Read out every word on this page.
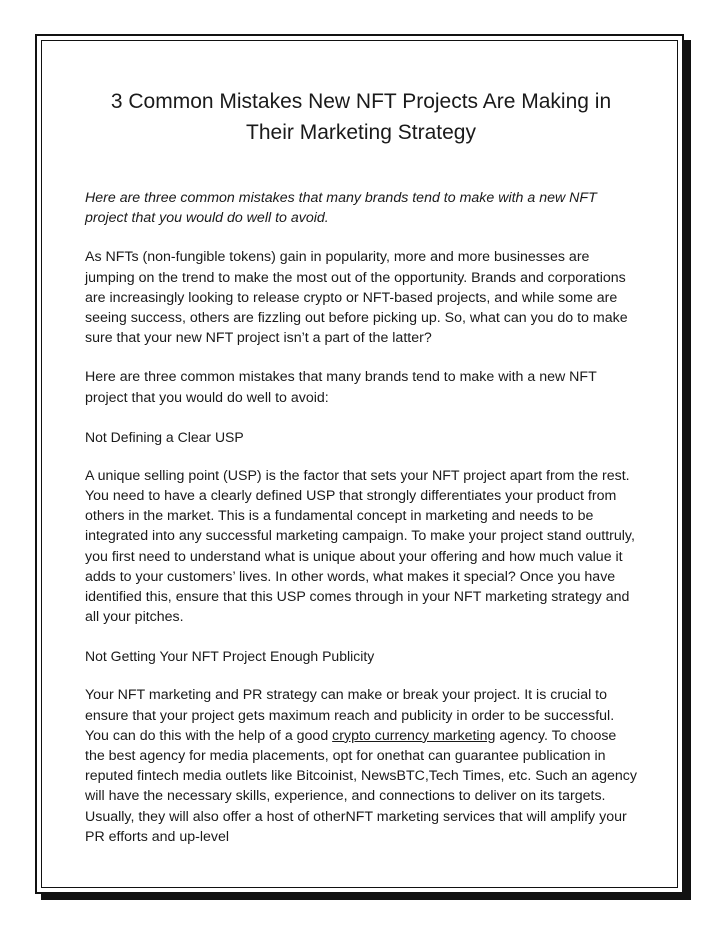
3 Common Mistakes New NFT Projects Are Making in
Their Marketing Strategy

Here are three common mistakes that many brands tend to make with a new NFT project that you would do well to avoid.

As NFTs (non-fungible tokens) gain in popularity, more and more businesses are jumping on the trend to make the most out of the opportunity. Brands and corporations are increasingly looking to release crypto or NFT-based projects, and while some are seeing success, others are fizzling out before picking up. So, what can you do to make sure that your new NFT project isn’t a part of the latter?

Here are three common mistakes that many brands tend to make with a new NFT project that you would do well to avoid:

Not Defining a Clear USP

A unique selling point (USP) is the factor that sets your NFT project apart from the rest. You need to have a clearly defined USP that strongly differentiates your product from others in the market. This is a fundamental concept in marketing and needs to be integrated into any successful marketing campaign. To make your project stand outtruly, you first need to understand what is unique about your offering and how much value it adds to your customers’ lives. In other words, what makes it special? Once you have identified this, ensure that this USP comes through in your NFT marketing strategy and all your pitches.

Not Getting Your NFT Project Enough Publicity

Your NFT marketing and PR strategy can make or break your project. It is crucial to ensure that your project gets maximum reach and publicity in order to be successful. You can do this with the help of a good crypto currency marketing agency. To choose the best agency for media placements, opt for onethat can guarantee publication in reputed fintech media outlets like Bitcoinist, NewsBTC,Tech Times, etc. Such an agency will have the necessary skills, experience, and connections to deliver on its targets. Usually, they will also offer a host of otherNFT marketing services that will amplify your PR efforts and up-level
